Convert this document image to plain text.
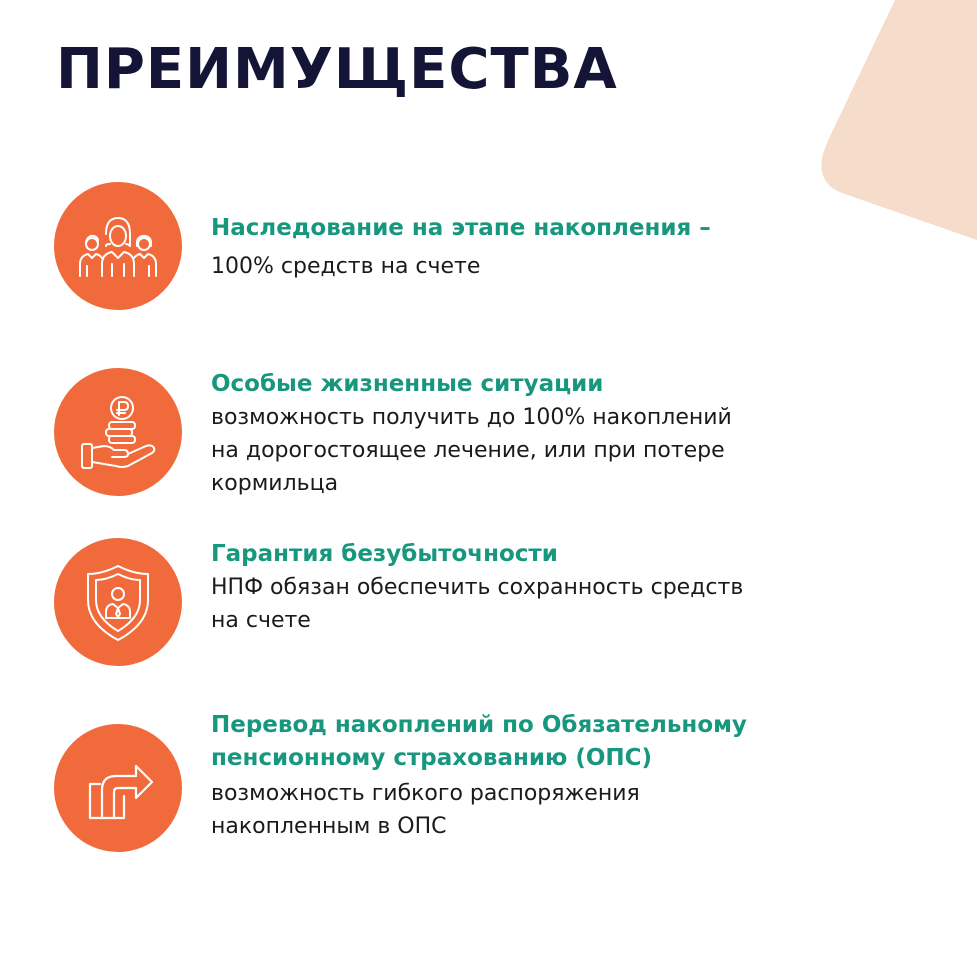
ПРЕИМУЩЕСТВА
Наследование на этапе накопления –
100% средств на счете
Особые жизненные ситуации
возможность получить до 100% накоплений
на дорогостоящее лечение, или при потере
кормильца
Гарантия безубыточности
НПФ обязан обеспечить сохранность средств
на счете
Перевод накоплений по Обязательному
пенсионному страхованию (ОПС)
возможность гибкого распоряжения
накопленным в ОПС
